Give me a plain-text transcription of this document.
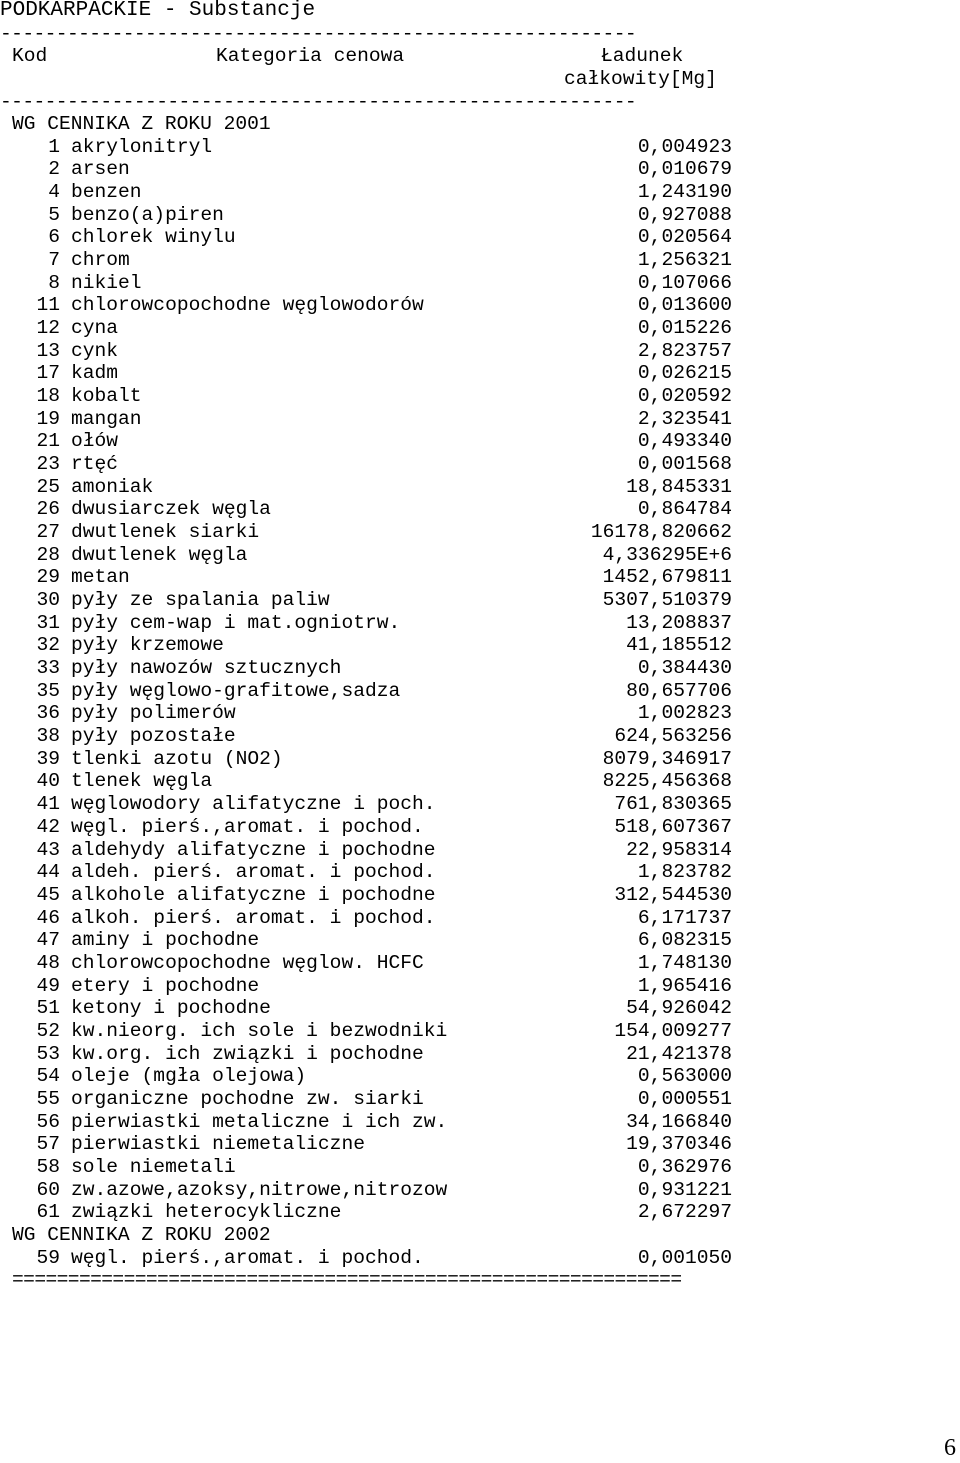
PODKARPACKIE - Substancje
---------------------------------------------------------
Kod	Kategoria cenowa	Ładunek
całkowity[Mg]
---------------------------------------------------------
WG CENNIKA Z ROKU 2001
1 akrylonitryl	0,004923
2 arsen	0,010679
4 benzen	1,243190
5 benzo(a)piren	0,927088
6 chlorek winylu	0,020564
7 chrom	1,256321
8 nikiel	0,107066
11 chlorowcopochodne węglowodorów	0,013600
12 cyna	0,015226
13 cynk	2,823757
17 kadm	0,026215
18 kobalt	0,020592
19 mangan	2,323541
21 ołów	0,493340
23 rtęć	0,001568
25 amoniak	18,845331
26 dwusiarczek węgla	0,864784
27 dwutlenek siarki	16178,820662
28 dwutlenek węgla	4,336295E+6
29 metan	1452,679811
30 pyły ze spalania paliw	5307,510379
31 pyły cem-wap i mat.ogniotrw.	13,208837
32 pyły krzemowe	41,185512
33 pyły nawozów sztucznych	0,384430
35 pyły węglowo-grafitowe,sadza	80,657706
36 pyły polimerów	1,002823
38 pyły pozostałe	624,563256
39 tlenki azotu (NO2)	8079,346917
40 tlenek węgla	8225,456368
41 węglowodory alifatyczne i poch.	761,830365
42 węgl. pierś.,aromat. i pochod.	518,607367
43 aldehydy alifatyczne i pochodne	22,958314
44 aldeh. pierś. aromat. i pochod.	1,823782
45 alkohole alifatyczne i pochodne	312,544530
46 alkoh. pierś. aromat. i pochod.	6,171737
47 aminy i pochodne	6,082315
48 chlorowcopochodne węglow. HCFC	1,748130
49 etery i pochodne	1,965416
51 ketony i pochodne	54,926042
52 kw.nieorg. ich sole i bezwodniki	154,009277
53 kw.org. ich związki i pochodne	21,421378
54 oleje (mgła olejowa)	0,563000
55 organiczne pochodne zw. siarki	0,000551
56 pierwiastki metaliczne i ich zw.	34,166840
57 pierwiastki niemetaliczne	19,370346
58 sole niemetali	0,362976
60 zw.azowe,azoksy,nitrowe,nitrozow	0,931221
61 związki heterocykliczne	2,672297
WG CENNIKA Z ROKU 2002
59 węgl. pierś.,aromat. i pochod.	0,001050
============================================================
6
